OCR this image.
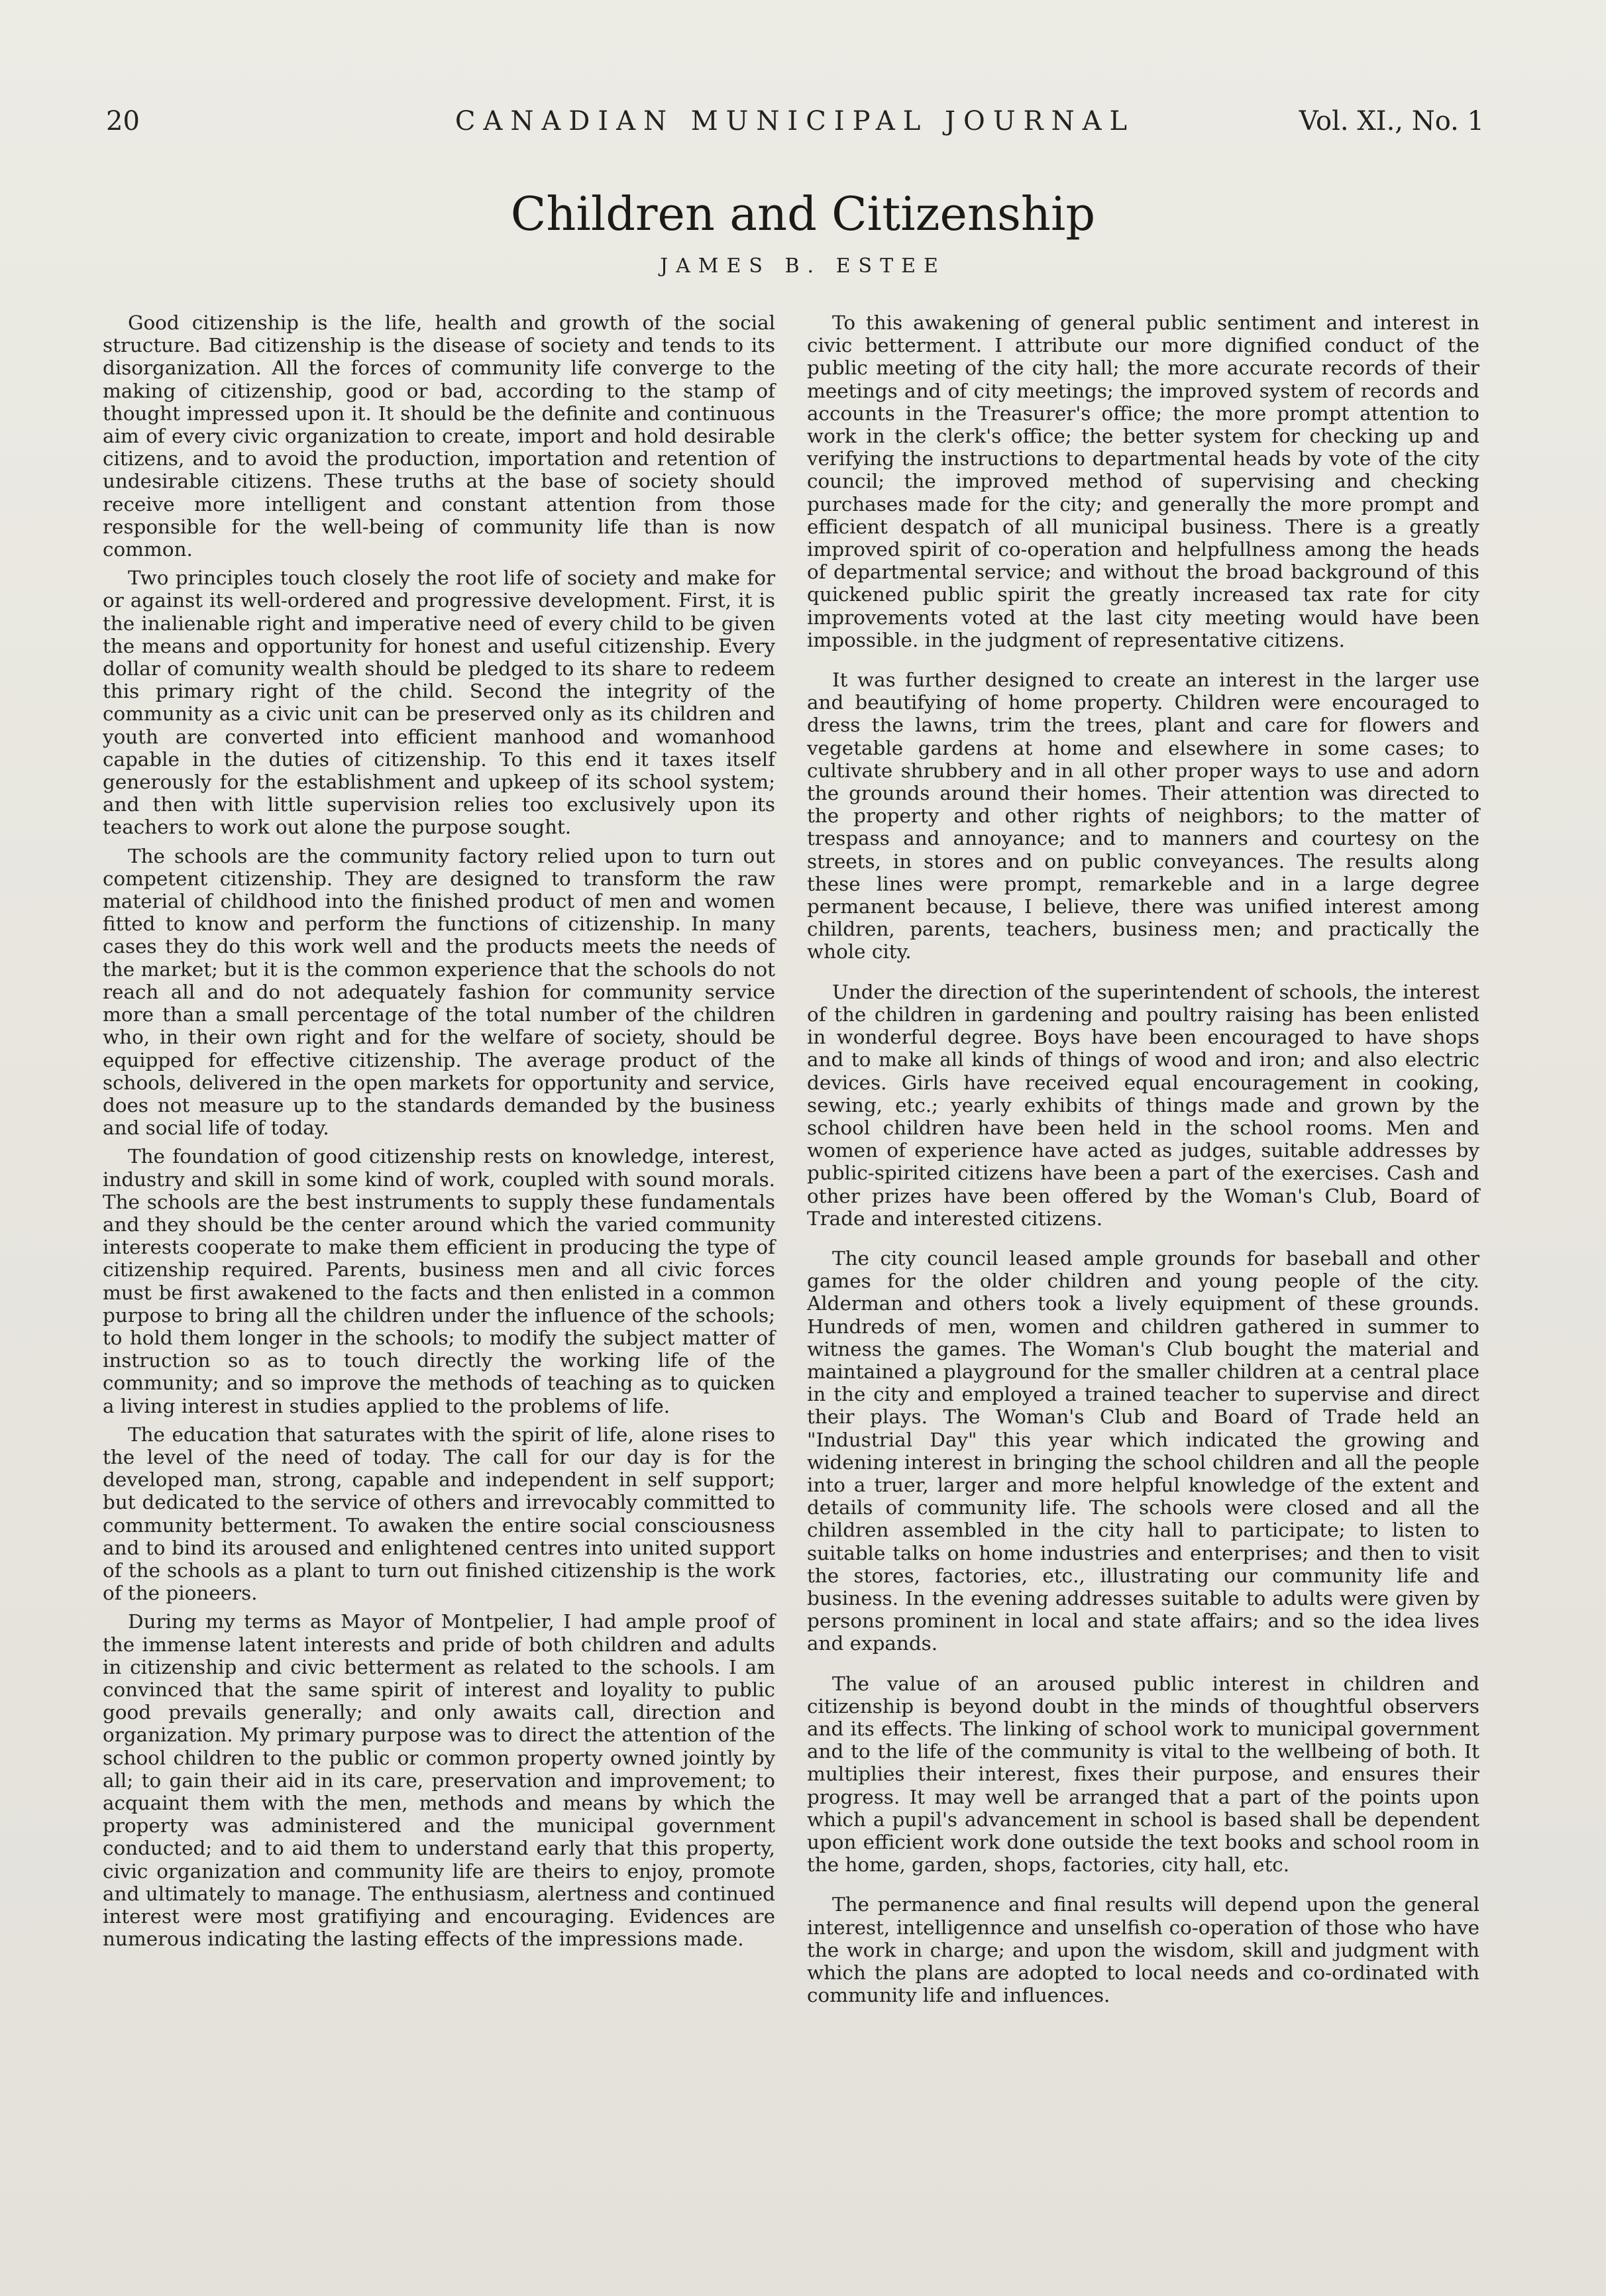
20	CANADIAN MUNICIPAL JOURNAL	Vol. XI., No. 1
Children and Citizenship
JAMES B. ESTEE

Good citizenship is the life, health and growth of the social structure. Bad citizenship is the disease of society and tends to its disorganization. All the forces of community life converge to the making of citizenship, good or bad, according to the stamp of thought impressed upon it. It should be the definite and continuous aim of every civic organization to create, import and hold desirable citizens, and to avoid the production, importation and retention of undesirable citizens. These truths at the base of society should receive more intelligent and constant attention from those responsible for the well-being of community life than is now common.

Two principles touch closely the root life of society and make for or against its well-ordered and progressive development. First, it is the inalienable right and imperative need of every child to be given the means and opportunity for honest and useful citizenship. Every dollar of comunity wealth should be pledged to its share to redeem this primary right of the child. Second the integrity of the community as a civic unit can be preserved only as its children and youth are converted into efficient manhood and womanhood capable in the duties of citizenship. To this end it taxes itself generously for the establishment and upkeep of its school system; and then with little supervision relies too exclusively upon its teachers to work out alone the purpose sought.

The schools are the community factory relied upon to turn out competent citizenship. They are designed to transform the raw material of childhood into the finished product of men and women fitted to know and perform the functions of citizenship. In many cases they do this work well and the products meets the needs of the market; but it is the common experience that the schools do not reach all and do not adequately fashion for community service more than a small percentage of the total number of the children who, in their own right and for the welfare of society, should be equipped for effective citizenship. The average product of the schools, delivered in the open markets for opportunity and service, does not measure up to the standards demanded by the business and social life of today.

The foundation of good citizenship rests on knowledge, interest, industry and skill in some kind of work, coupled with sound morals. The schools are the best instruments to supply these fundamentals and they should be the center around which the varied community interests cooperate to make them efficient in producing the type of citizenship required. Parents, business men and all civic forces must be first awakened to the facts and then enlisted in a common purpose to bring all the children under the influence of the schools; to hold them longer in the schools; to modify the subject matter of instruction so as to touch directly the working life of the community; and so improve the methods of teaching as to quicken a living interest in studies applied to the problems of life.

The education that saturates with the spirit of life, alone rises to the level of the need of today. The call for our day is for the developed man, strong, capable and independent in self support; but dedicated to the service of others and irrevocably committed to community betterment. To awaken the entire social consciousness and to bind its aroused and enlightened centres into united support of the schools as a plant to turn out finished citizenship is the work of the pioneers.

During my terms as Mayor of Montpelier, I had ample proof of the immense latent interests and pride of both children and adults in citizenship and civic betterment as related to the schools. I am convinced that the same spirit of interest and loyality to public good prevails generally; and only awaits call, direction and organization. My primary purpose was to direct the attention of the school children to the public or common property owned jointly by all; to gain their aid in its care, preservation and improvement; to acquaint them with the men, methods and means by which the property was administered and the municipal government conducted; and to aid them to understand early that this property, civic organization and community life are theirs to enjoy, promote and ultimately to manage. The enthusiasm, alertness and continued interest were most gratifiying and encouraging. Evidences are numerous indicating the lasting effects of the impressions made.

To this awakening of general public sentiment and interest in civic betterment. I attribute our more dignified conduct of the public meeting of the city hall; the more accurate records of their meetings and of city meetings; the improved system of records and accounts in the Treasurer's office; the more prompt attention to work in the clerk's office; the better system for checking up and verifying the instructions to departmental heads by vote of the city council; the improved method of supervising and checking purchases made for the city; and generally the more prompt and efficient despatch of all municipal business. There is a greatly improved spirit of co-operation and helpfullness among the heads of departmental service; and without the broad background of this quickened public spirit the greatly increased tax rate for city improvements voted at the last city meeting would have been impossible. in the judgment of representative citizens.

It was further designed to create an interest in the larger use and beautifying of home property. Children were encouraged to dress the lawns, trim the trees, plant and care for flowers and vegetable gardens at home and elsewhere in some cases; to cultivate shrubbery and in all other proper ways to use and adorn the grounds around their homes. Their attention was directed to the property and other rights of neighbors; to the matter of trespass and annoyance; and to manners and courtesy on the streets, in stores and on public conveyances. The results along these lines were prompt, remarkeble and in a large degree permanent because, I believe, there was unified interest among children, parents, teachers, business men; and practically the whole city.

Under the direction of the superintendent of schools, the interest of the children in gardening and poultry raising has been enlisted in wonderful degree. Boys have been encouraged to have shops and to make all kinds of things of wood and iron; and also electric devices. Girls have received equal encouragement in cooking, sewing, etc.; yearly exhibits of things made and grown by the school children have been held in the school rooms. Men and women of experience have acted as judges, suitable addresses by public-spirited citizens have been a part of the exercises. Cash and other prizes have been offered by the Woman's Club, Board of Trade and interested citizens.

The city council leased ample grounds for baseball and other games for the older children and young people of the city. Alderman and others took a lively equipment of these grounds. Hundreds of men, women and children gathered in summer to witness the games. The Woman's Club bought the material and maintained a playground for the smaller children at a central place in the city and employed a trained teacher to supervise and direct their plays. The Woman's Club and Board of Trade held an "Industrial Day" this year which indicated the growing and widening interest in bringing the school children and all the people into a truer, larger and more helpful knowledge of the extent and details of community life. The schools were closed and all the children assembled in the city hall to participate; to listen to suitable talks on home industries and enterprises; and then to visit the stores, factories, etc., illustrating our community life and business. In the evening addresses suitable to adults were given by persons prominent in local and state affairs; and so the idea lives and expands.

The value of an aroused public interest in children and citizenship is beyond doubt in the minds of thoughtful observers and its effects. The linking of school work to municipal government and to the life of the community is vital to the wellbeing of both. It multiplies their interest, fixes their purpose, and ensures their progress. It may well be arranged that a part of the points upon which a pupil's advancement in school is based shall be dependent upon efficient work done outside the text books and school room in the home, garden, shops, factories, city hall, etc.

The permanence and final results will depend upon the general interest, intelligennce and unselfish co-operation of those who have the work in charge; and upon the wisdom, skill and judgment with which the plans are adopted to local needs and co-ordinated with community life and influences.
